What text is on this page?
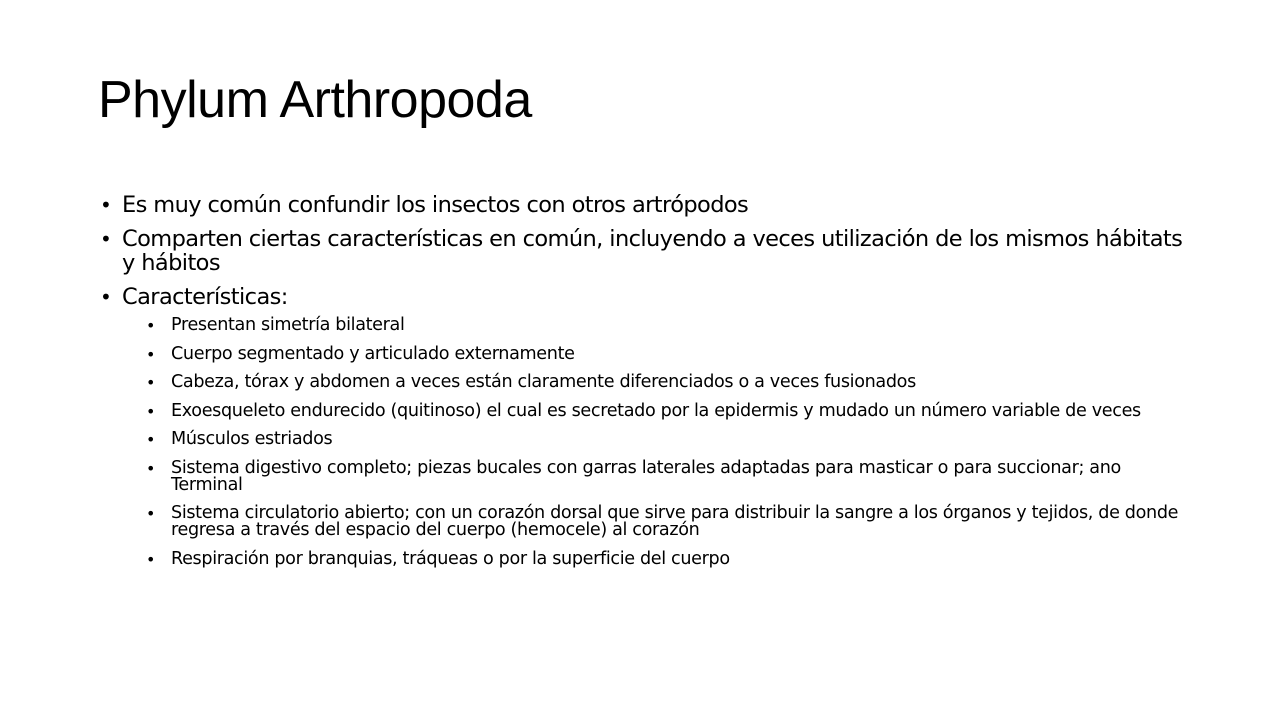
Phylum Arthropoda
• Es muy común confundir los insectos con otros artrópodos
• Comparten ciertas características en común, incluyendo a veces utilización de los mismos hábitats y hábitos
• Características:
• Presentan simetría bilateral
• Cuerpo segmentado y articulado externamente
• Cabeza, tórax y abdomen a veces están claramente diferenciados o a veces fusionados
• Exoesqueleto endurecido (quitinoso) el cual es secretado por la epidermis y mudado un número variable de veces
• Músculos estriados
• Sistema digestivo completo; piezas bucales con garras laterales adaptadas para masticar o para succionar; ano Terminal
• Sistema circulatorio abierto; con un corazón dorsal que sirve para distribuir la sangre a los órganos y tejidos, de donde regresa a través del espacio del cuerpo (hemocele) al corazón
• Respiración por branquias, tráqueas o por la superficie del cuerpo
